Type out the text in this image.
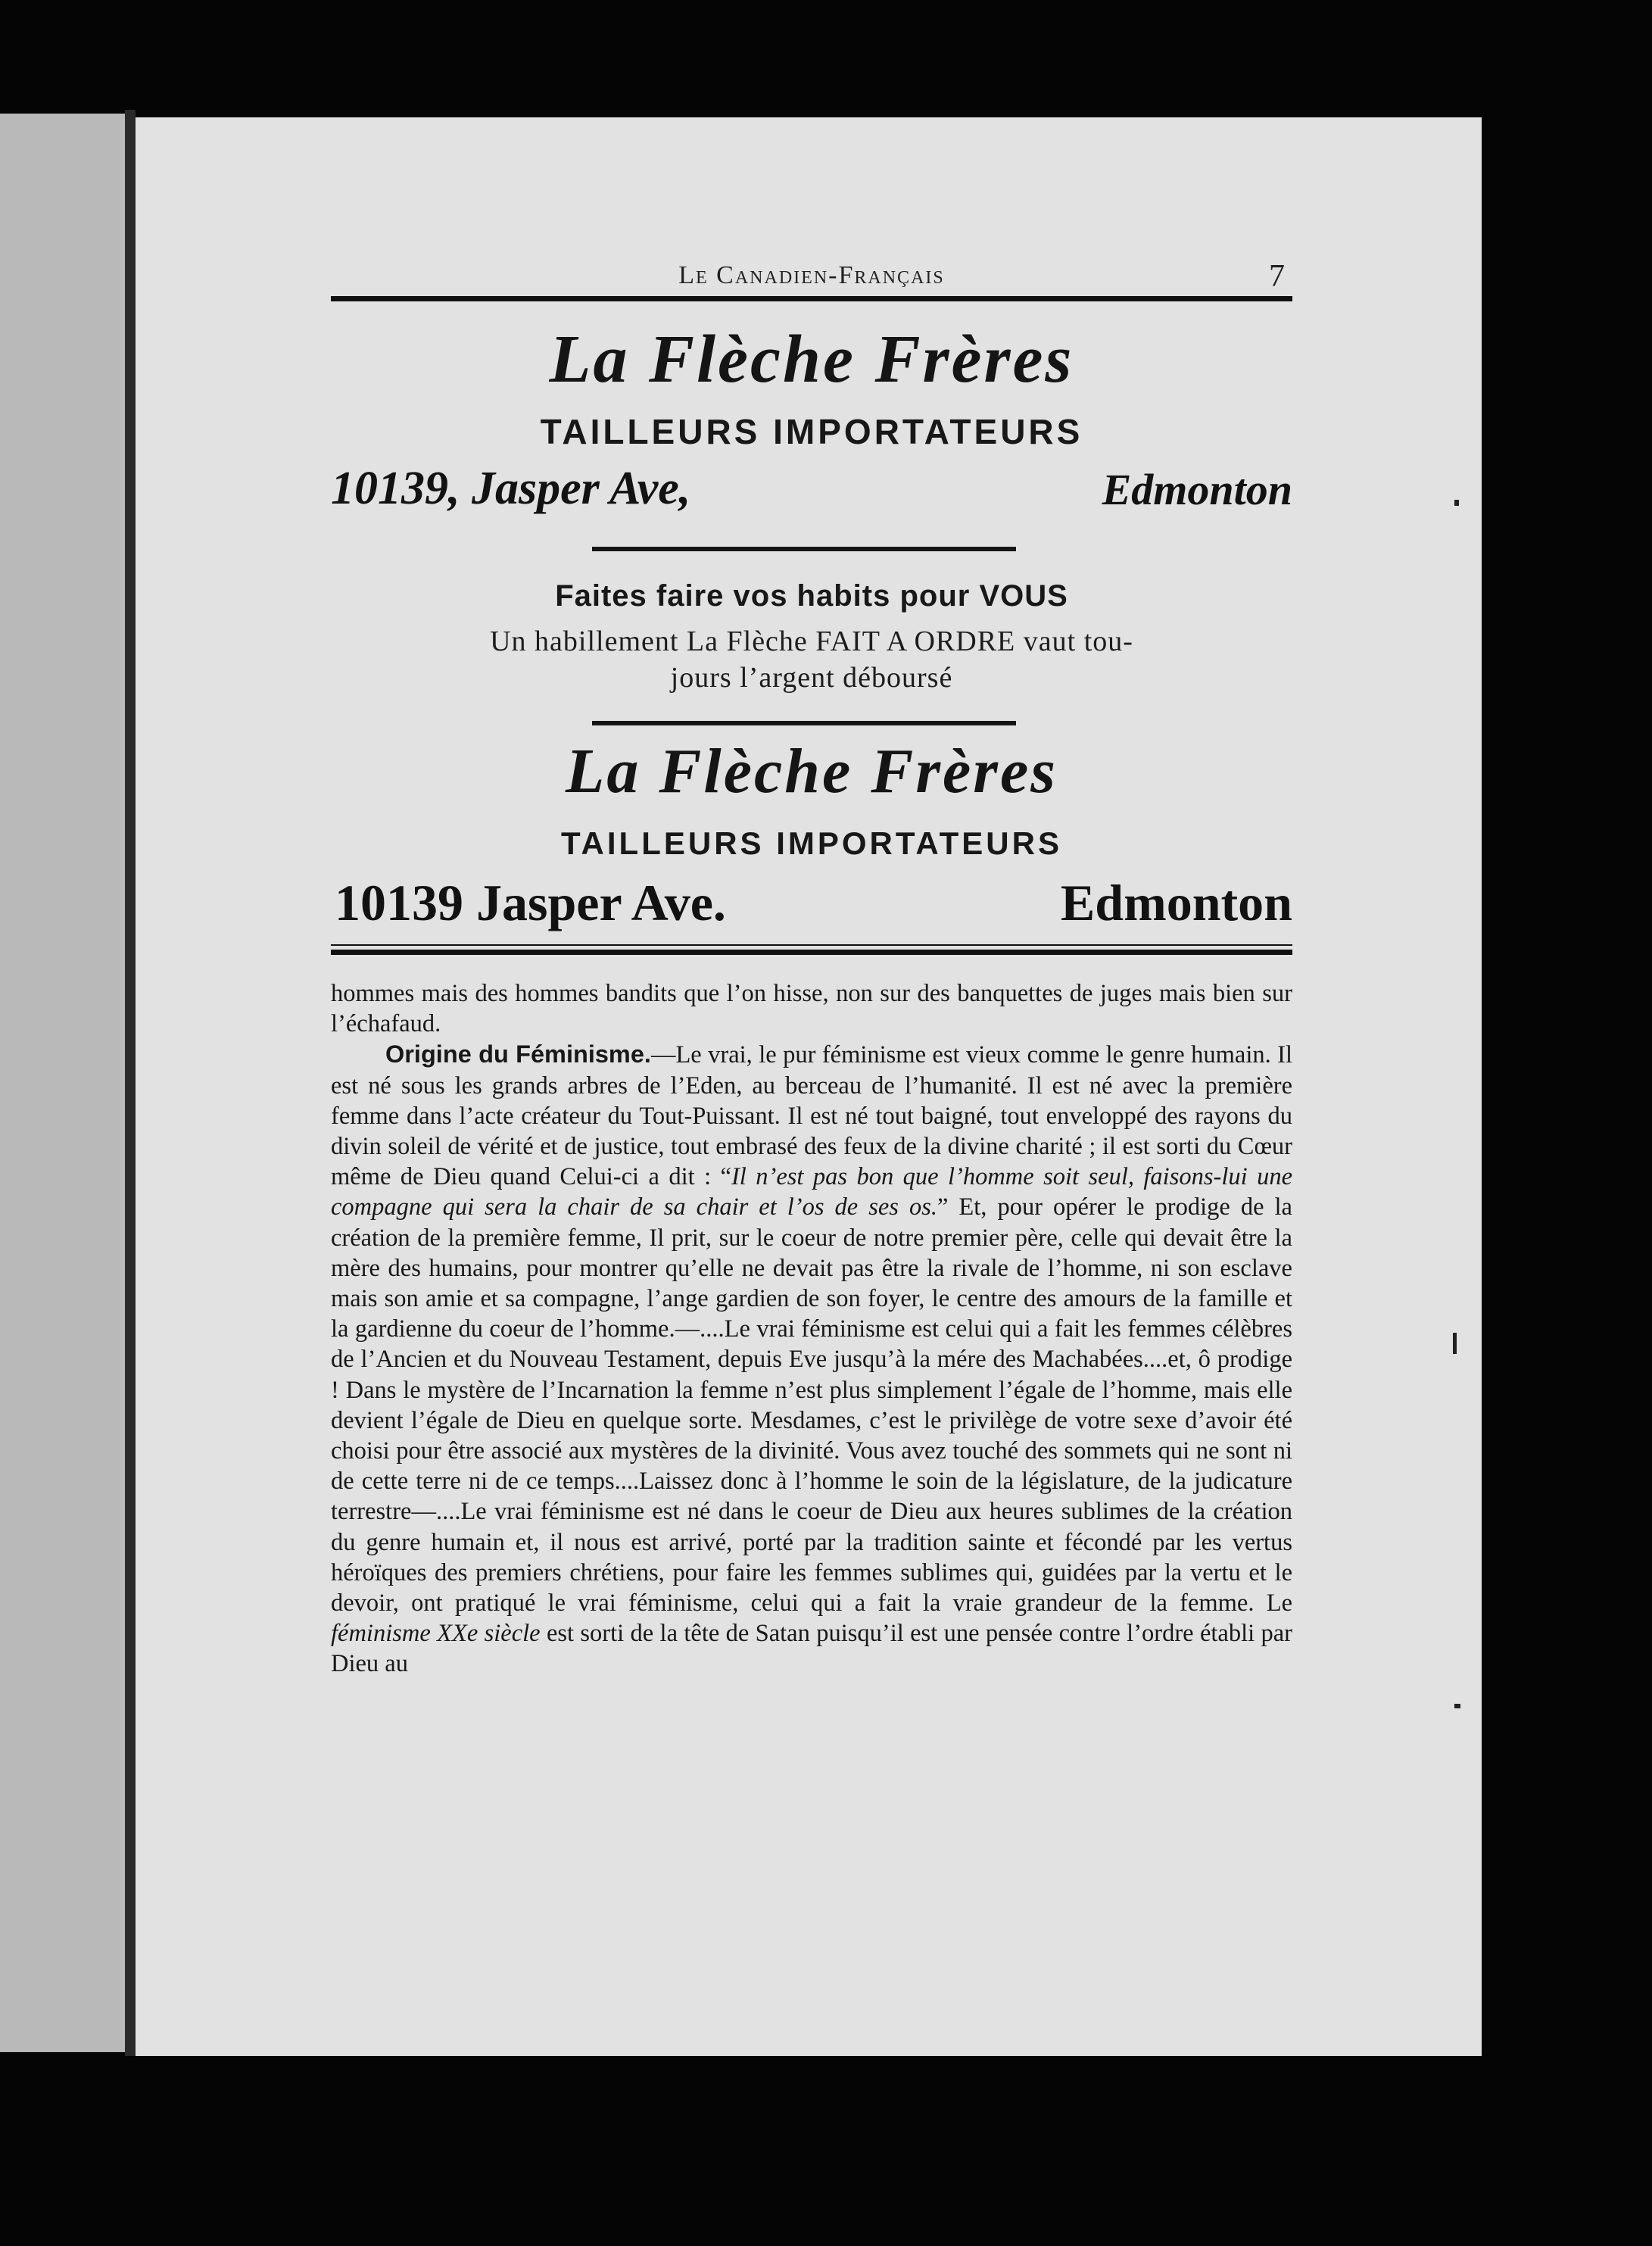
Le Canadien-Français	7
La Flèche Frères
TAILLEURS IMPORTATEURS
10139, Jasper Ave,	Edmonton
Faites faire vos habits pour VOUS
Un habillement La Flèche FAIT A ORDRE vaut tou-
jours l’argent déboursé
La Flèche Frères
TAILLEURS IMPORTATEURS
10139 Jasper Ave.	Edmonton

hommes mais des hommes bandits que l’on hisse, non sur des banquettes de juges mais bien sur l’échafaud.

Origine du Féminisme.—Le vrai, le pur féminisme est vieux comme le genre humain. Il est né sous les grands arbres de l’Eden, au berceau de l’humanité. Il est né avec la première femme dans l’acte créateur du Tout-Puissant. Il est né tout baigné, tout enveloppé des rayons du divin soleil de vérité et de justice, tout embrasé des feux de la divine charité ; il est sorti du Cœur même de Dieu quand Celui-ci a dit : “Il n’est pas bon que l’homme soit seul, faisons-lui une compagne qui sera la chair de sa chair et l’os de ses os.” Et, pour opérer le prodige de la création de la première femme, Il prit, sur le coeur de notre premier père, celle qui devait être la mère des humains, pour montrer qu’elle ne devait pas être la rivale de l’homme, ni son esclave mais son amie et sa compagne, l’ange gardien de son foyer, le centre des amours de la famille et la gardienne du coeur de l’homme.—....Le vrai féminisme est celui qui a fait les femmes célèbres de l’Ancien et du Nouveau Testament, depuis Eve jusqu’à la mére des Machabées....et, ô prodige ! Dans le mystère de l’Incarnation la femme n’est plus simplement l’égale de l’homme, mais elle devient l’égale de Dieu en quelque sorte. Mesdames, c’est le privilège de votre sexe d’avoir été choisi pour être associé aux mystères de la divinité. Vous avez touché des sommets qui ne sont ni de cette terre ni de ce temps....Laissez donc à l’homme le soin de la législature, de la judicature terrestre—....Le vrai féminisme est né dans le coeur de Dieu aux heures sublimes de la création du genre humain et, il nous est arrivé, porté par la tradition sainte et fécondé par les vertus héroïques des premiers chrétiens, pour faire les femmes sublimes qui, guidées par la vertu et le devoir, ont pratiqué le vrai féminisme, celui qui a fait la vraie grandeur de la femme. Le féminisme XXe siècle est sorti de la tête de Satan puisqu’il est une pensée contre l’ordre établi par Dieu au
